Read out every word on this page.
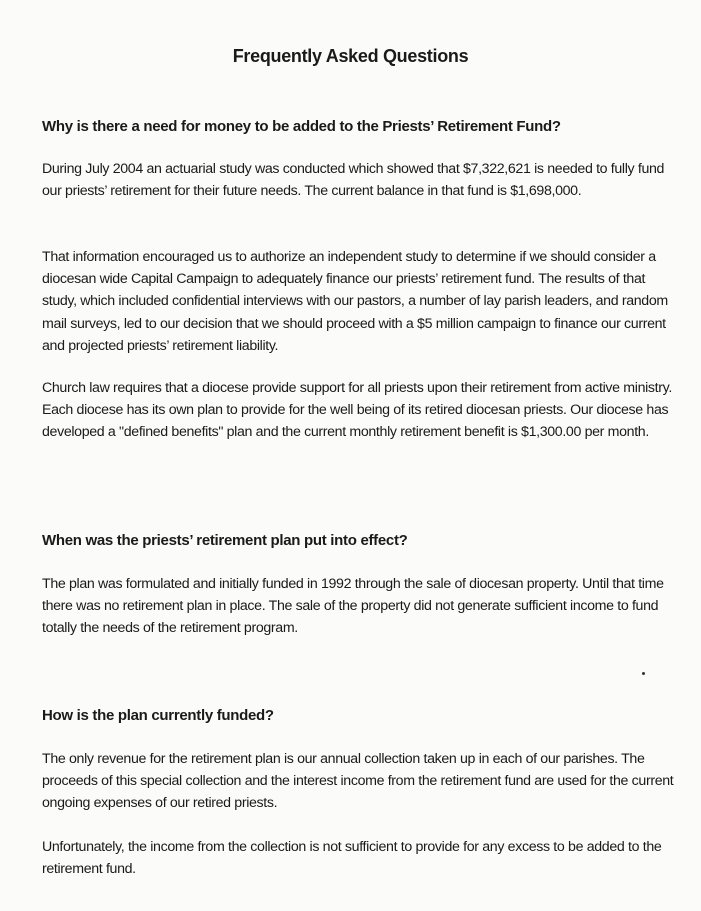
Frequently Asked Questions
Why is there a need for money to be added to the Priests’ Retirement Fund?

During July 2004 an actuarial study was conducted which showed that $7,322,621 is needed to fully fund our priests’ retirement for their future needs. The current balance in that fund is $1,698,000.

That information encouraged us to authorize an independent study to determine if we should consider a diocesan wide Capital Campaign to adequately finance our priests’ retirement fund. The results of that study, which included confidential interviews with our pastors, a number of lay parish leaders, and random mail surveys, led to our decision that we should proceed with a $5 million campaign to finance our current and projected priests’ retirement liability.

Church law requires that a diocese provide support for all priests upon their retirement from active ministry. Each diocese has its own plan to provide for the well being of its retired diocesan priests. Our diocese has developed a "defined benefits" plan and the current monthly retirement benefit is $1,300.00 per month.

When was the priests’ retirement plan put into effect?

The plan was formulated and initially funded in 1992 through the sale of diocesan property. Until that time there was no retirement plan in place. The sale of the property did not generate sufficient income to fund totally the needs of the retirement program.

How is the plan currently funded?

The only revenue for the retirement plan is our annual collection taken up in each of our parishes. The proceeds of this special collection and the interest income from the retirement fund are used for the current ongoing expenses of our retired priests.

Unfortunately, the income from the collection is not sufficient to provide for any excess to be added to the retirement fund.
